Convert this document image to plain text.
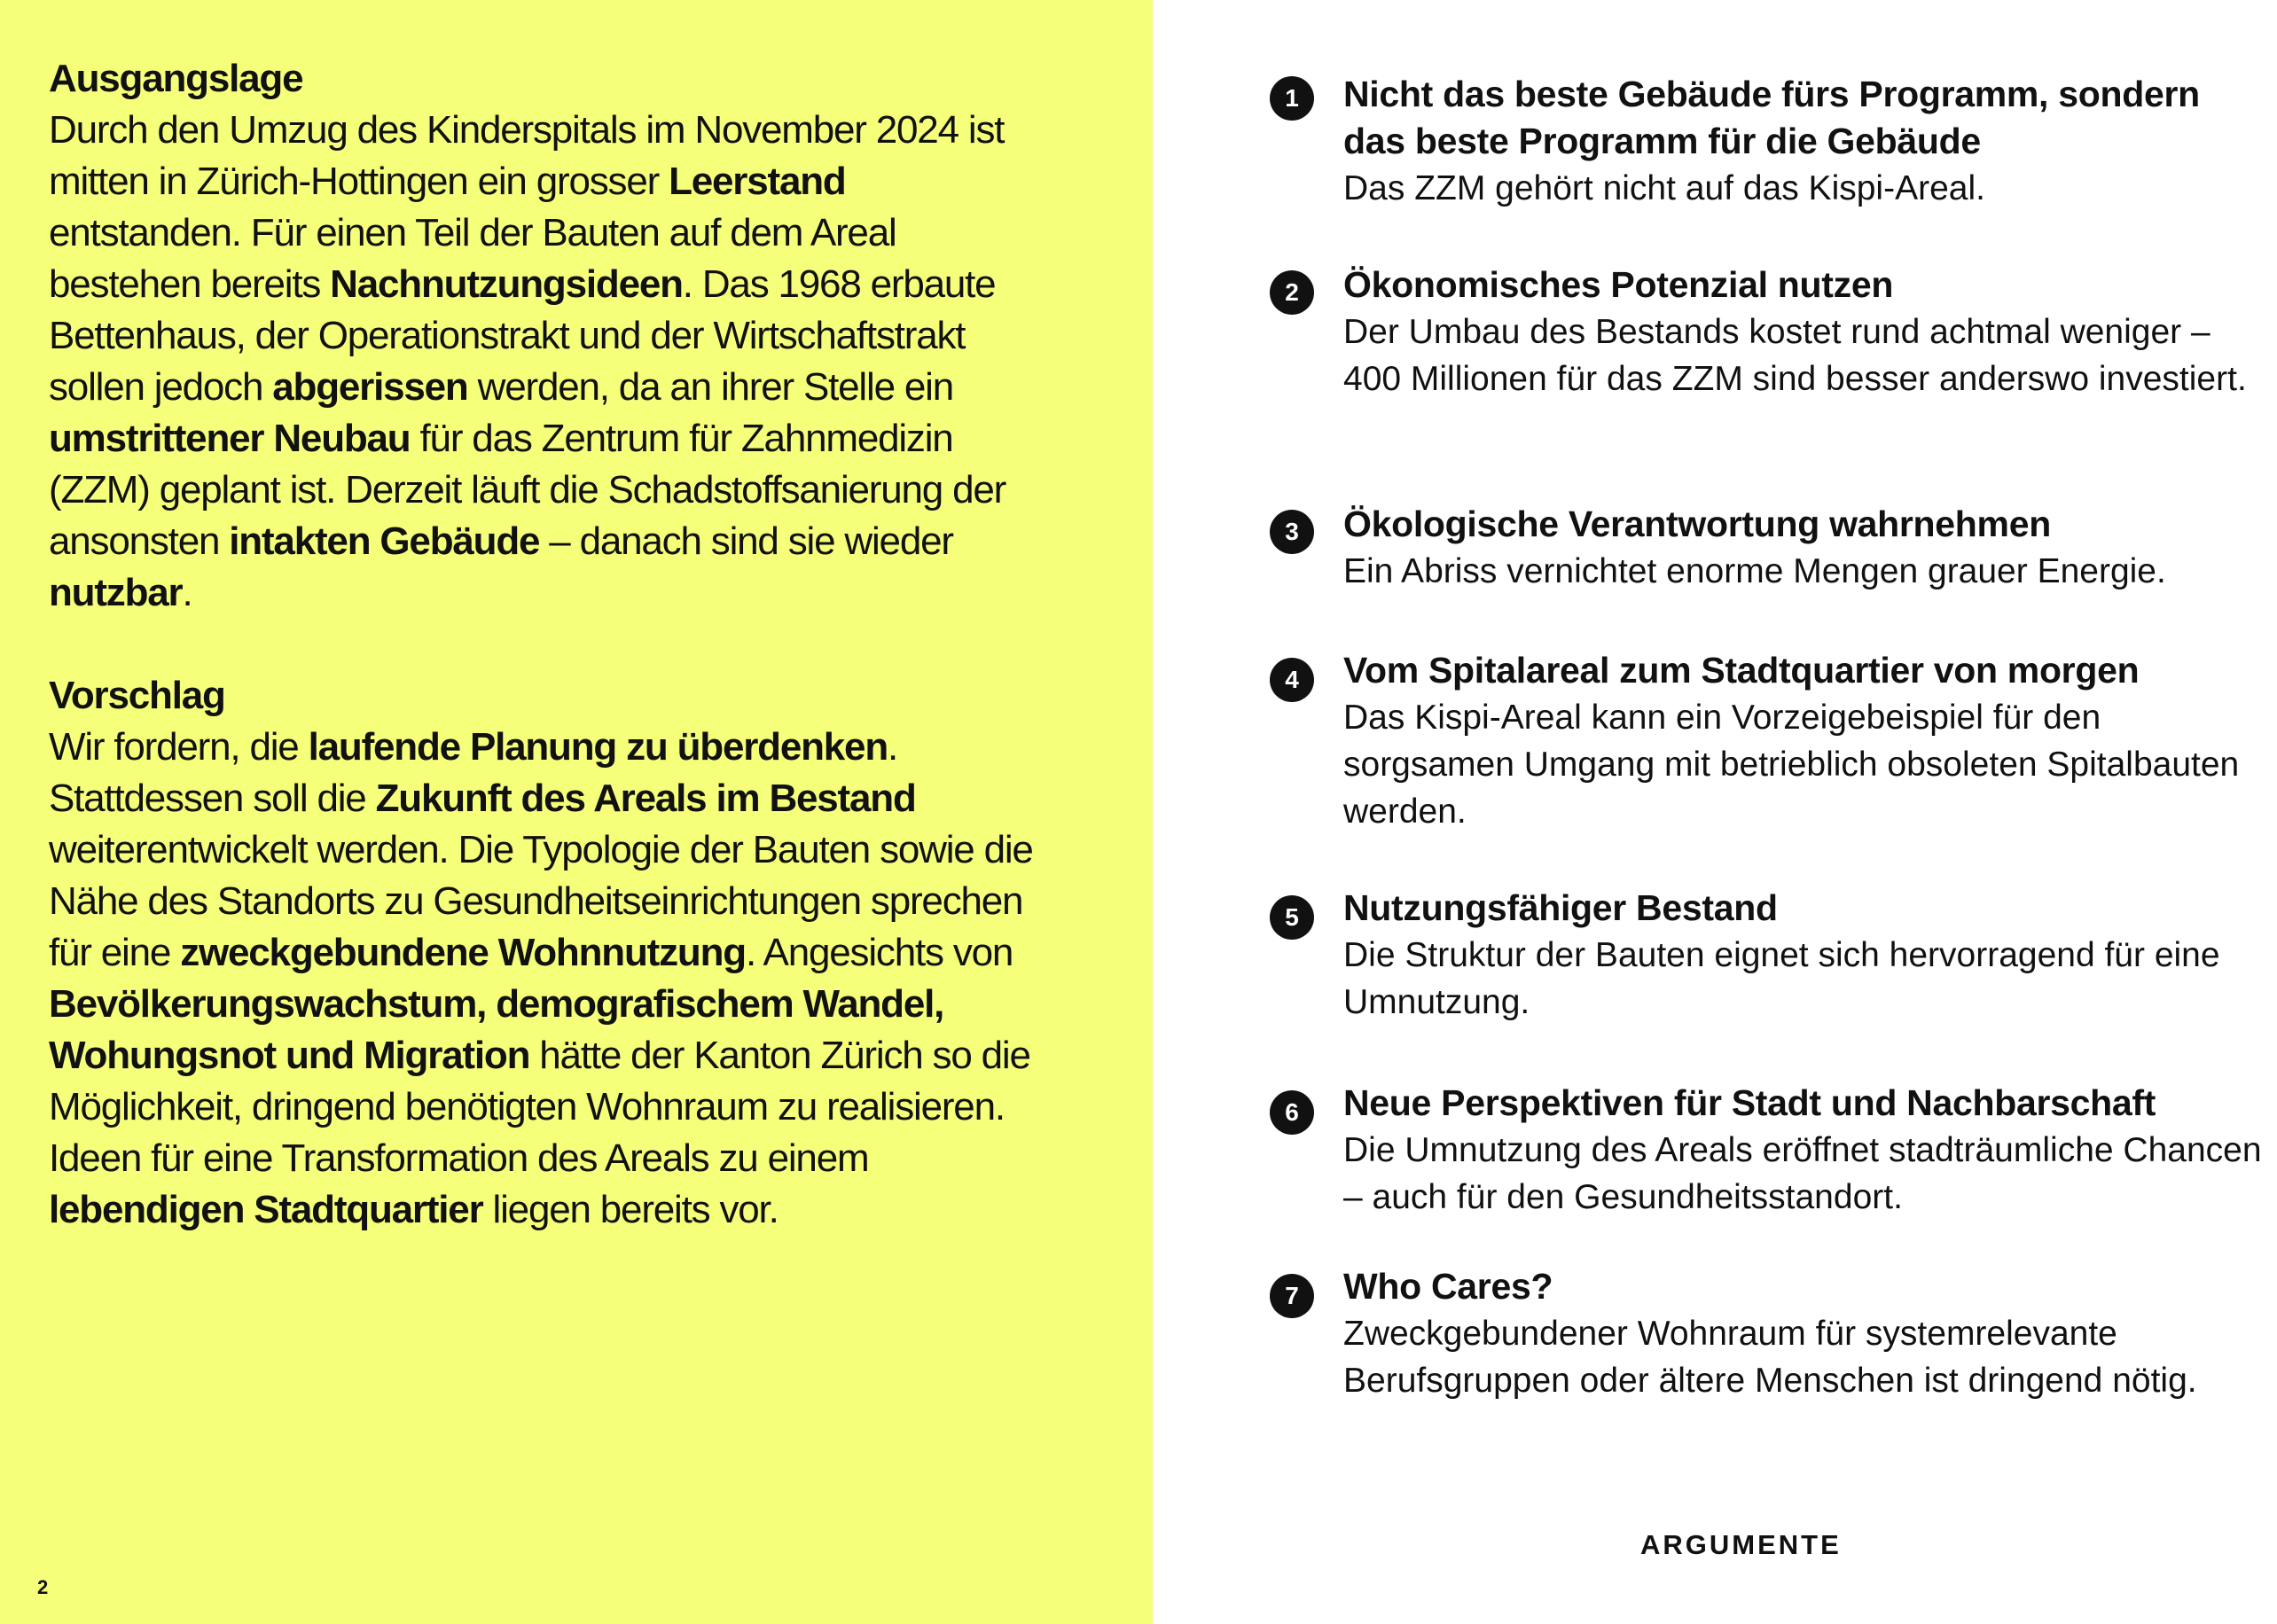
Ausgangslage

Durch den Umzug des Kinderspitals im November 2024 ist mitten in Zürich-Hottingen ein grosser Leerstand entstanden. Für einen Teil der Bauten auf dem Areal bestehen bereits Nachnutzungsideen. Das 1968 erbaute Bettenhaus, der Operationstrakt und der Wirtschaftstrakt sollen jedoch abgerissen werden, da an ihrer Stelle ein umstrittener Neubau für das Zentrum für Zahnmedizin (ZZM) geplant ist. Derzeit läuft die Schadstoffsanierung der ansonsten intakten Gebäude – danach sind sie wieder nutzbar.

Vorschlag

Wir fordern, die laufende Planung zu überdenken. Stattdessen soll die Zukunft des Areals im Bestand weiterentwickelt werden. Die Typologie der Bauten sowie die Nähe des Standorts zu Gesundheitseinrichtungen sprechen für eine zweckgebundene Wohnnutzung. Angesichts von Bevölkerungswachstum, demografischem Wandel, Wohungsnot und Migration hätte der Kanton Zürich so die Möglichkeit, dringend benötigten Wohnraum zu realisieren. Ideen für eine Transformation des Areals zu einem lebendigen Stadtquartier liegen bereits vor.

2
1	Nicht das beste Gebäude fürs Programm, sondern das beste Programm für die Gebäude
Das ZZM gehört nicht auf das Kispi-Areal.
2	Ökonomisches Potenzial nutzen
Der Umbau des Bestands kostet rund achtmal weniger – 400 Millionen für das ZZM sind besser anderswo investiert.
3	Ökologische Verantwortung wahrnehmen
Ein Abriss vernichtet enorme Mengen grauer Energie.
4	Vom Spitalareal zum Stadtquartier von morgen
Das Kispi-Areal kann ein Vorzeigebeispiel für den sorgsamen Umgang mit betrieblich obsoleten Spitalbauten werden.
5	Nutzungsfähiger Bestand
Die Struktur der Bauten eignet sich hervorragend für eine Umnutzung.
6	Neue Perspektiven für Stadt und Nachbarschaft
Die Umnutzung des Areals eröffnet stadträumliche Chancen – auch für den Gesundheitsstandort.
7	Who Cares?
Zweckgebundener Wohnraum für systemrelevante Berufsgruppen oder ältere Menschen ist dringend nötig.
ARGUMENTE
